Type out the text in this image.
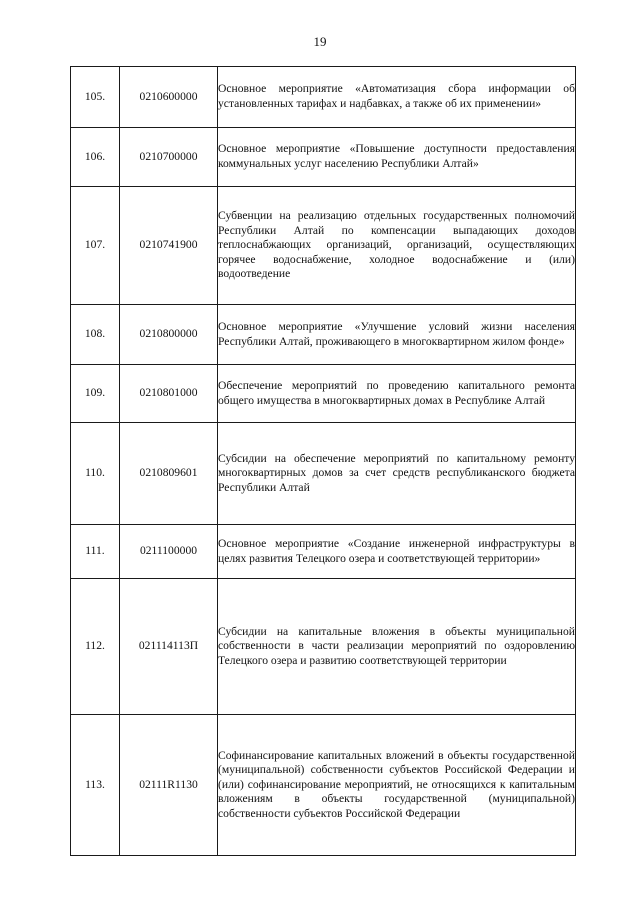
19
105.	0210600000	Основное мероприятие «Автоматизация сбора информации об установленных тарифах и надбавках, а также об их применении»
106.	0210700000	Основное мероприятие «Повышение доступности предоставления коммунальных услуг населению Республики Алтай»
107.	0210741900	Субвенции на реализацию отдельных государственных полномочий Республики Алтай по компенсации выпадающих доходов теплоснабжающих организаций, организаций, осуществляющих горячее водоснабжение, холодное водоснабжение и (или) водоотведение
108.	0210800000	Основное мероприятие «Улучшение условий жизни населения Республики Алтай, проживающего в многоквартирном жилом фонде»
109.	0210801000	Обеспечение мероприятий по проведению капитального ремонта общего имущества в многоквартирных домах в Республике Алтай
110.	0210809601	Субсидии на обеспечение мероприятий по капитальному ремонту многоквартирных домов за счет средств республиканского бюджета Республики Алтай
111.	0211100000	Основное мероприятие «Создание инженерной инфраструктуры в целях развития Телецкого озера и соответствующей территории»
112.	021114113П	Субсидии на капитальные вложения в объекты муниципальной собственности в части реализации мероприятий по оздоровлению Телецкого озера и развитию соответствующей территории
113.	02111R1130	Софинансирование капитальных вложений в объекты государственной (муниципальной) собственности субъектов Российской Федерации и (или) софинансирование мероприятий, не относящихся к капитальным вложениям в объекты государственной (муниципальной) собственности субъектов Российской Федерации
